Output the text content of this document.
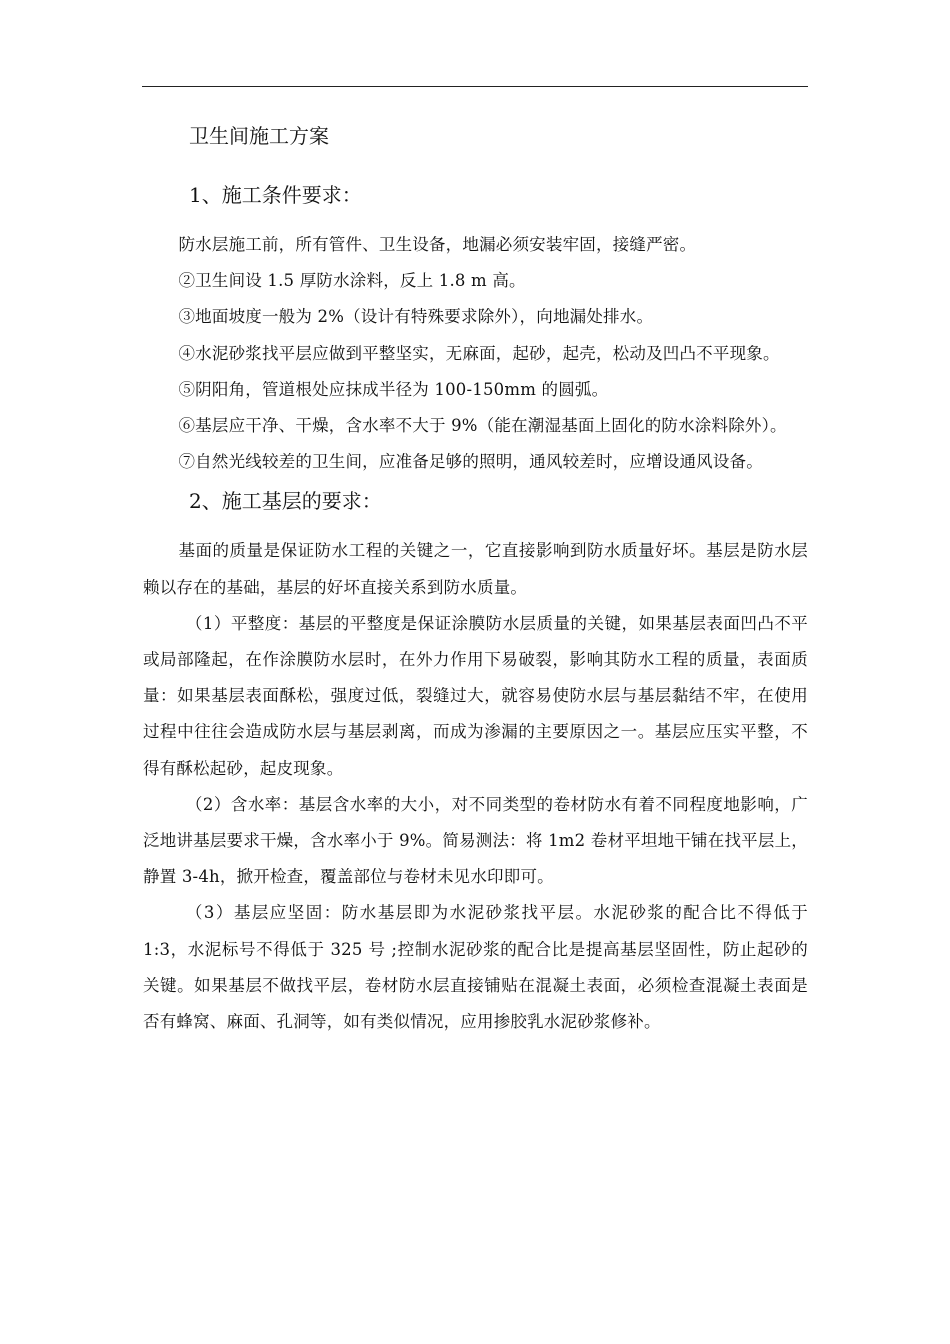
卫生间施工方案
1、施工条件要求：

防水层施工前，所有管件、卫生设备，地漏必须安装牢固，接缝严密。

②卫生间设 1.5 厚防水涂料，反上 1.8 m 高。

③地面坡度一般为 2%（设计有特殊要求除外），向地漏处排水。

④水泥砂浆找平层应做到平整坚实，无麻面，起砂，起壳，松动及凹凸不平现象。

⑤阴阳角，管道根处应抹成半径为 100-150mm 的圆弧。

⑥基层应干净、干燥，含水率不大于 9%（能在潮湿基面上固化的防水涂料除外）。

⑦自然光线较差的卫生间，应准备足够的照明，通风较差时，应增设通风设备。

2、施工基层的要求：

基面的质量是保证防水工程的关键之一，它直接影响到防水质量好坏。基层是防水层赖以存在的基础，基层的好坏直接关系到防水质量。

（1）平整度：基层的平整度是保证涂膜防水层质量的关键，如果基层表面凹凸不平或局部隆起，在作涂膜防水层时，在外力作用下易破裂，影响其防水工程的质量，表面质量：如果基层表面酥松，强度过低，裂缝过大，就容易使防水层与基层黏结不牢，在使用过程中往往会造成防水层与基层剥离，而成为渗漏的主要原因之一。基层应压实平整，不得有酥松起砂，起皮现象。

（2）含水率：基层含水率的大小，对不同类型的卷材防水有着不同程度地影响，广泛地讲基层要求干燥，含水率小于 9%。简易测法：将 1m2 卷材平坦地干铺在找平层上，静置 3-4h，掀开检查，覆盖部位与卷材未见水印即可。

（3）基层应坚固：防水基层即为水泥砂浆找平层。水泥砂浆的配合比不得低于 1:3，水泥标号不得低于 325 号 ;控制水泥砂浆的配合比是提高基层坚固性，防止起砂的关键。如果基层不做找平层，卷材防水层直接铺贴在混凝土表面，必须检查混凝土表面是否有蜂窝、麻面、孔洞等，如有类似情况，应用掺胶乳水泥砂浆修补。
